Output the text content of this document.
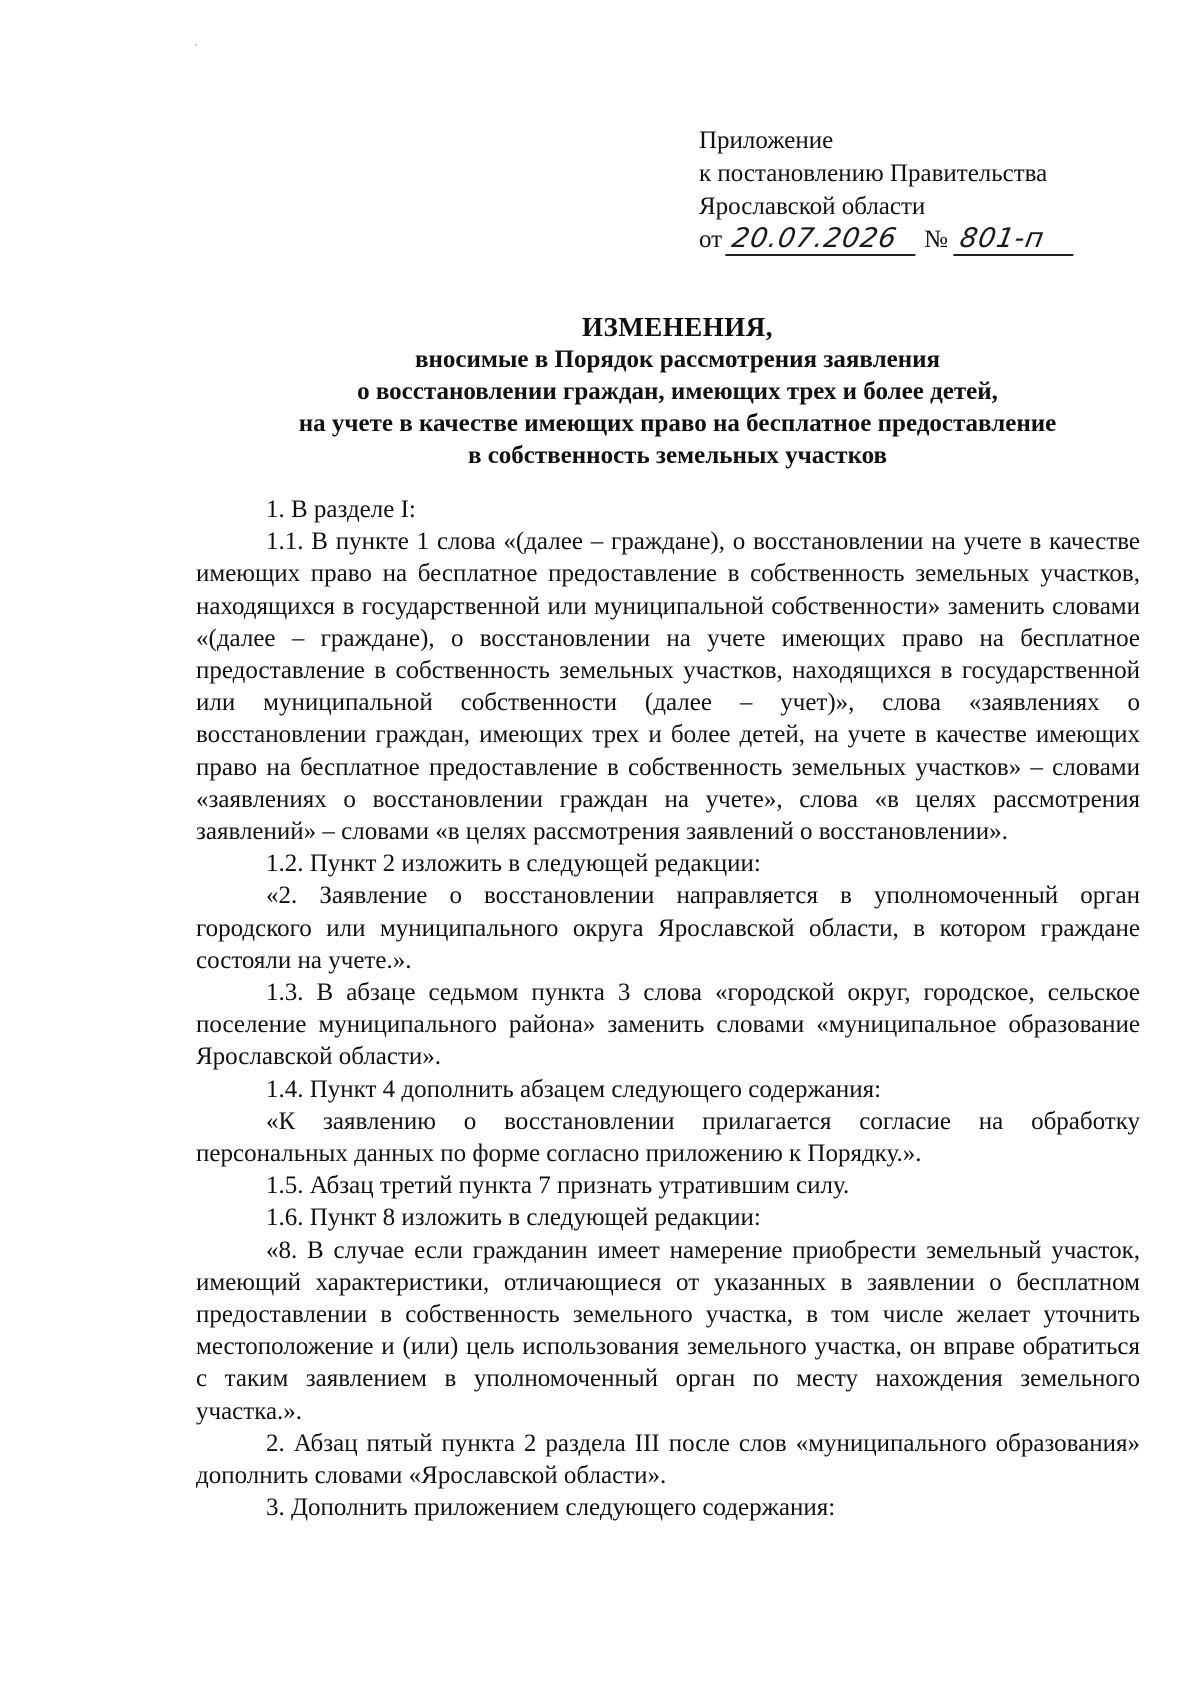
Приложение
к постановлению Правительства
Ярославской области
от 20.07.2026 № 801-п
ИЗМЕНЕНИЯ,
вносимые в Порядок рассмотрения заявления
о восстановлении граждан, имеющих трех и более детей,
на учете в качестве имеющих право на бесплатное предоставление
в собственность земельных участков

1. В разделе I:

1.1. В пункте 1 слова «(далее – граждане), о восстановлении на учете в качестве имеющих право на бесплатное предоставление в собственность земельных участков, находящихся в государственной или муниципальной собственности» заменить словами «(далее – граждане), о восстановлении на учете имеющих право на бесплатное предоставление в собственность земельных участков, находящихся в государственной или муниципальной собственности (далее – учет)», слова «заявлениях о восстановлении граждан, имеющих трех и более детей, на учете в качестве имеющих право на бесплатное предоставление в собственность земельных участков» – словами «заявлениях о восстановлении граждан на учете», слова «в целях рассмотрения заявлений» – словами «в целях рассмотрения заявлений о восстановлении».

1.2. Пункт 2 изложить в следующей редакции:

«2. Заявление о восстановлении направляется в уполномоченный орган городского или муниципального округа Ярославской области, в котором граждане состояли на учете.».

1.3. В абзаце седьмом пункта 3 слова «городской округ, городское, сельское поселение муниципального района» заменить словами «муниципальное образование Ярославской области».

1.4. Пункт 4 дополнить абзацем следующего содержания:

«К заявлению о восстановлении прилагается согласие на обработку персональных данных по форме согласно приложению к Порядку.».

1.5. Абзац третий пункта 7 признать утратившим силу.

1.6. Пункт 8 изложить в следующей редакции:

«8. В случае если гражданин имеет намерение приобрести земельный участок, имеющий характеристики, отличающиеся от указанных в заявлении о бесплатном предоставлении в собственность земельного участка, в том числе желает уточнить местоположение и (или) цель использования земельного участка, он вправе обратиться с таким заявлением в уполномоченный орган по месту нахождения земельного участка.».

2. Абзац пятый пункта 2 раздела III после слов «муниципального образования» дополнить словами «Ярославской области».

3. Дополнить приложением следующего содержания:
